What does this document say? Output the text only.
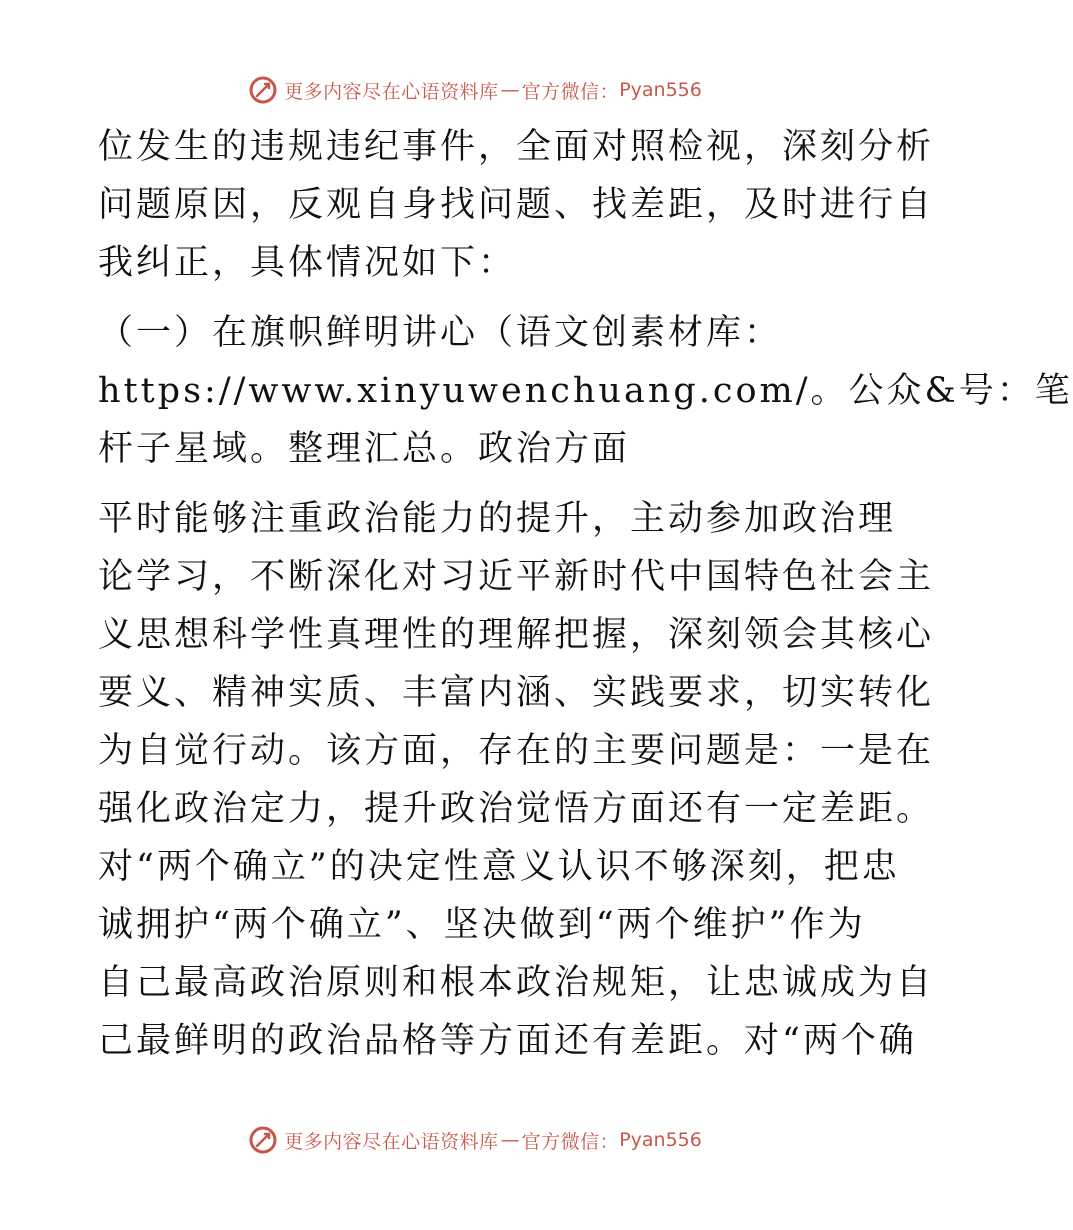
更多内容尽在心语资料库 — 官方微信： Pyan556

位发生的违规违纪事件，全面对照检视，深刻分析
问题原因，反观自身找问题、找差距，及时进行自
我纠正，具体情况如下：

（一）在旗帜鲜明讲心（语文创素材库：
https://www.xinyuwenchuang.com/。公众&号：笔
杆子星域。整理汇总。政治方面

平时能够注重政治能力的提升，主动参加政治理
论学习，不断深化对习近平新时代中国特色社会主
义思想科学性真理性的理解把握，深刻领会其核心
要义、精神实质、丰富内涵、实践要求，切实转化
为自觉行动。该方面，存在的主要问题是：一是在
强化政治定力，提升政治觉悟方面还有一定差距。
对“两个确立”的决定性意义认识不够深刻，把忠
诚拥护“两个确立”、坚决做到“两个维护”作为
自己最高政治原则和根本政治规矩，让忠诚成为自
己最鲜明的政治品格等方面还有差距。对“两个确

更多内容尽在心语资料库 — 官方微信： Pyan556
